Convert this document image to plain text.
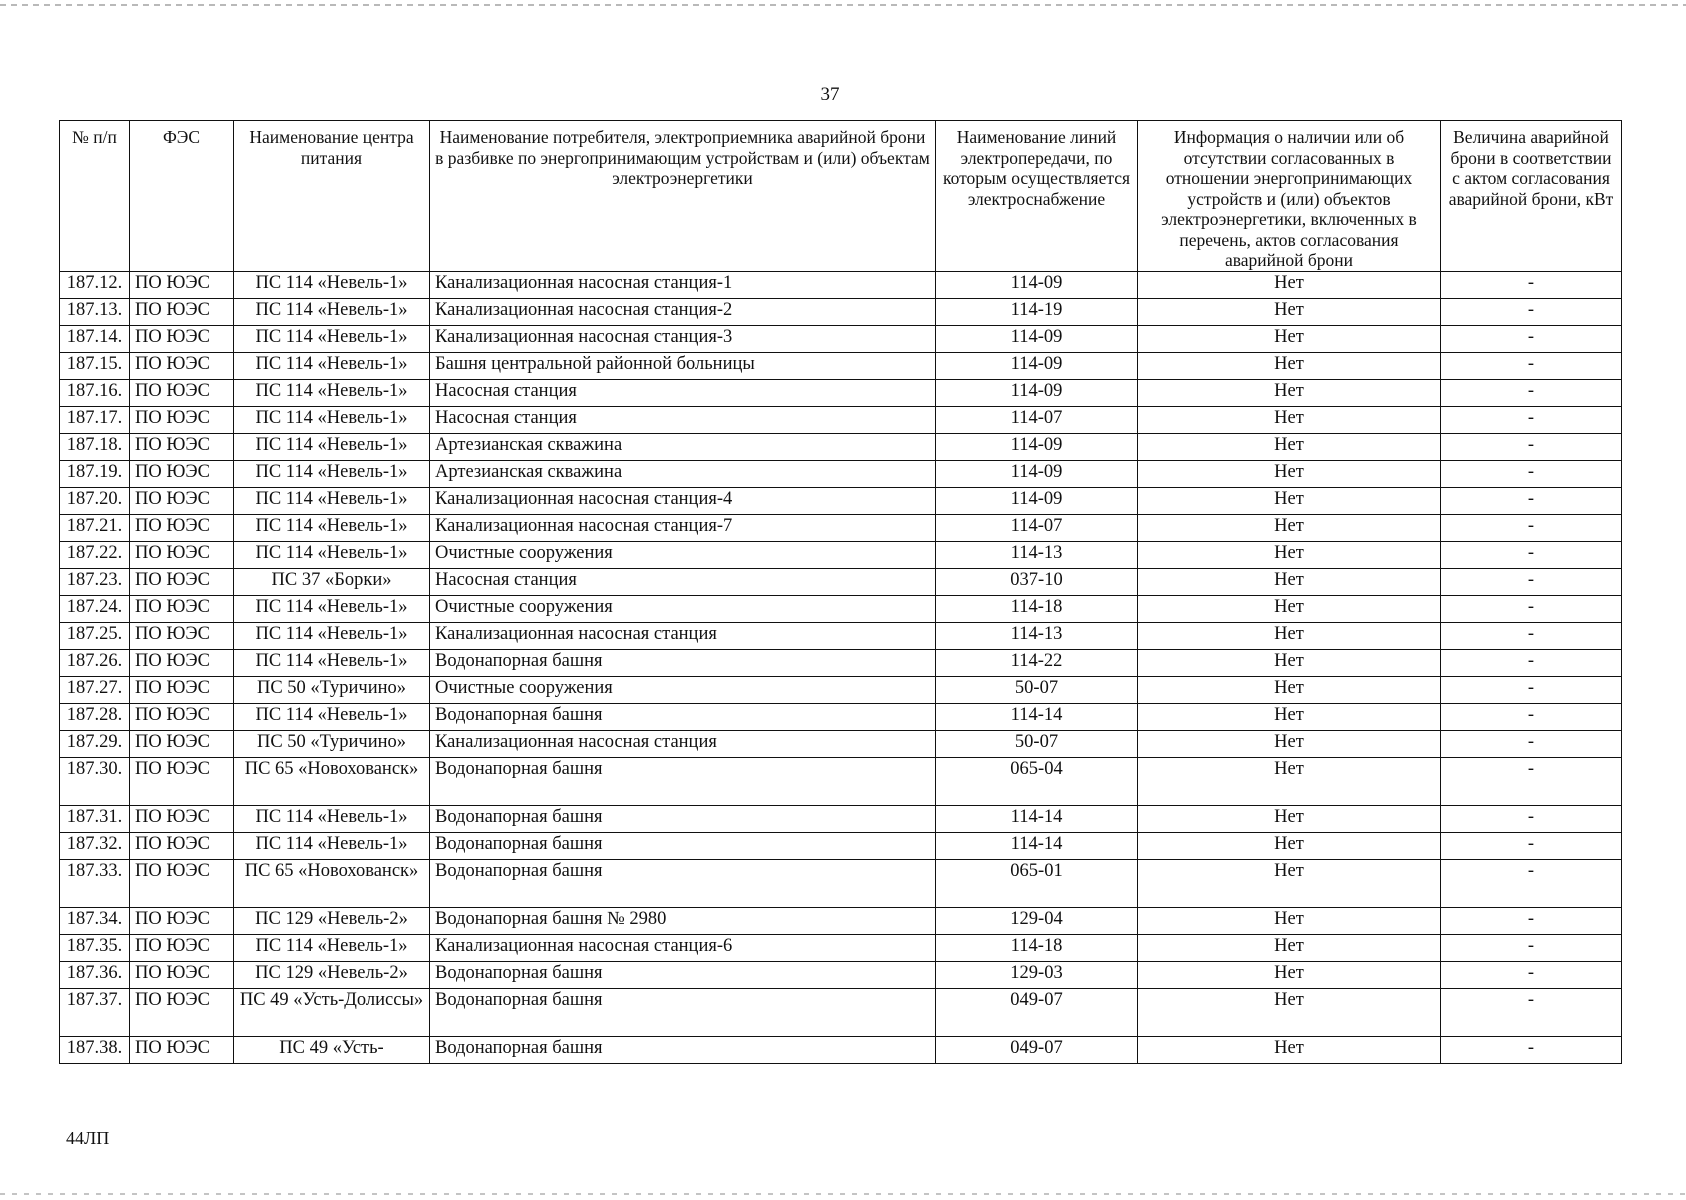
37
№ п/п	ФЭС	Наименование центра питания	Наименование потребителя, электроприемника аварийной брони в разбивке по энергопринимающим устройствам и (или) объектам электроэнергетики	Наименование линий электропередачи, по которым осуществляется электроснабжение	Информация о наличии или об отсутствии согласованных в отношении энергопринимающих устройств и (или) объектов электроэнергетики, включенных в перечень, актов согласования аварийной брони	Величина аварийной брони в соответствии с актом согласования аварийной брони, кВт
187.12.	ПО ЮЭС	ПС 114 «Невель-1»	Канализационная насосная станция-1	114-09	Нет	-
187.13.	ПО ЮЭС	ПС 114 «Невель-1»	Канализационная насосная станция-2	114-19	Нет	-
187.14.	ПО ЮЭС	ПС 114 «Невель-1»	Канализационная насосная станция-3	114-09	Нет	-
187.15.	ПО ЮЭС	ПС 114 «Невель-1»	Башня центральной районной больницы	114-09	Нет	-
187.16.	ПО ЮЭС	ПС 114 «Невель-1»	Насосная станция	114-09	Нет	-
187.17.	ПО ЮЭС	ПС 114 «Невель-1»	Насосная станция	114-07	Нет	-
187.18.	ПО ЮЭС	ПС 114 «Невель-1»	Артезианская скважина	114-09	Нет	-
187.19.	ПО ЮЭС	ПС 114 «Невель-1»	Артезианская скважина	114-09	Нет	-
187.20.	ПО ЮЭС	ПС 114 «Невель-1»	Канализационная насосная станция-4	114-09	Нет	-
187.21.	ПО ЮЭС	ПС 114 «Невель-1»	Канализационная насосная станция-7	114-07	Нет	-
187.22.	ПО ЮЭС	ПС 114 «Невель-1»	Очистные сооружения	114-13	Нет	-
187.23.	ПО ЮЭС	ПС 37 «Борки»	Насосная станция	037-10	Нет	-
187.24.	ПО ЮЭС	ПС 114 «Невель-1»	Очистные сооружения	114-18	Нет	-
187.25.	ПО ЮЭС	ПС 114 «Невель-1»	Канализационная насосная станция	114-13	Нет	-
187.26.	ПО ЮЭС	ПС 114 «Невель-1»	Водонапорная башня	114-22	Нет	-
187.27.	ПО ЮЭС	ПС 50 «Туричино»	Очистные сооружения	50-07	Нет	-
187.28.	ПО ЮЭС	ПС 114 «Невель-1»	Водонапорная башня	114-14	Нет	-
187.29.	ПО ЮЭС	ПС 50 «Туричино»	Канализационная насосная станция	50-07	Нет	-
187.30.	ПО ЮЭС	ПС 65 «Новохованск»	Водонапорная башня	065-04	Нет	-
187.31.	ПО ЮЭС	ПС 114 «Невель-1»	Водонапорная башня	114-14	Нет	-
187.32.	ПО ЮЭС	ПС 114 «Невель-1»	Водонапорная башня	114-14	Нет	-
187.33.	ПО ЮЭС	ПС 65 «Новохованск»	Водонапорная башня	065-01	Нет	-
187.34.	ПО ЮЭС	ПС 129 «Невель-2»	Водонапорная башня № 2980	129-04	Нет	-
187.35.	ПО ЮЭС	ПС 114 «Невель-1»	Канализационная насосная станция-6	114-18	Нет	-
187.36.	ПО ЮЭС	ПС 129 «Невель-2»	Водонапорная башня	129-03	Нет	-
187.37.	ПО ЮЭС	ПС 49 «Усть-Долиссы»	Водонапорная башня	049-07	Нет	-
187.38.	ПО ЮЭС	ПС 49 «Усть-	Водонапорная башня	049-07	Нет	-
44ЛП
